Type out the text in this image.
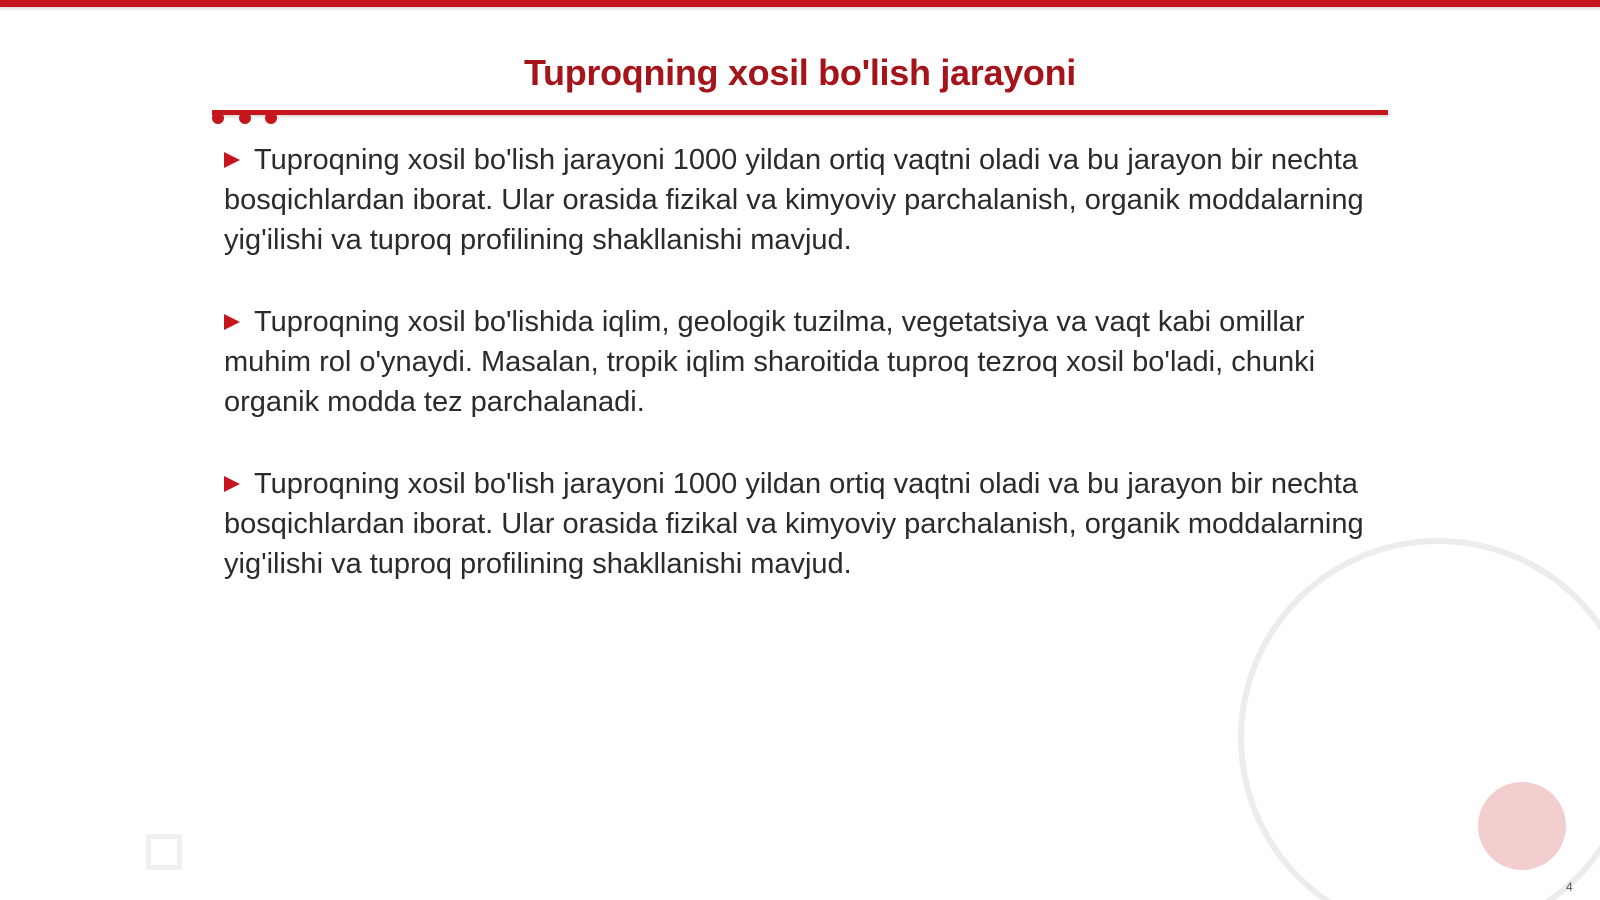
Tuproqning xosil bo'lish jarayoni

Tuproqning xosil bo'lish jarayoni 1000 yildan ortiq vaqtni oladi va bu jarayon bir nechta bosqichlardan iborat. Ular orasida fizikal va kimyoviy parchalanish, organik moddalarning yig'ilishi va tuproq profilining shakllanishi mavjud.

Tuproqning xosil bo'lishida iqlim, geologik tuzilma, vegetatsiya va vaqt kabi omillar muhim rol o'ynaydi. Masalan, tropik iqlim sharoitida tuproq tezroq xosil bo'ladi, chunki organik modda tez parchalanadi.

Tuproqning xosil bo'lish jarayoni 1000 yildan ortiq vaqtni oladi va bu jarayon bir nechta bosqichlardan iborat. Ular orasida fizikal va kimyoviy parchalanish, organik moddalarning yig'ilishi va tuproq profilining shakllanishi mavjud.

4
